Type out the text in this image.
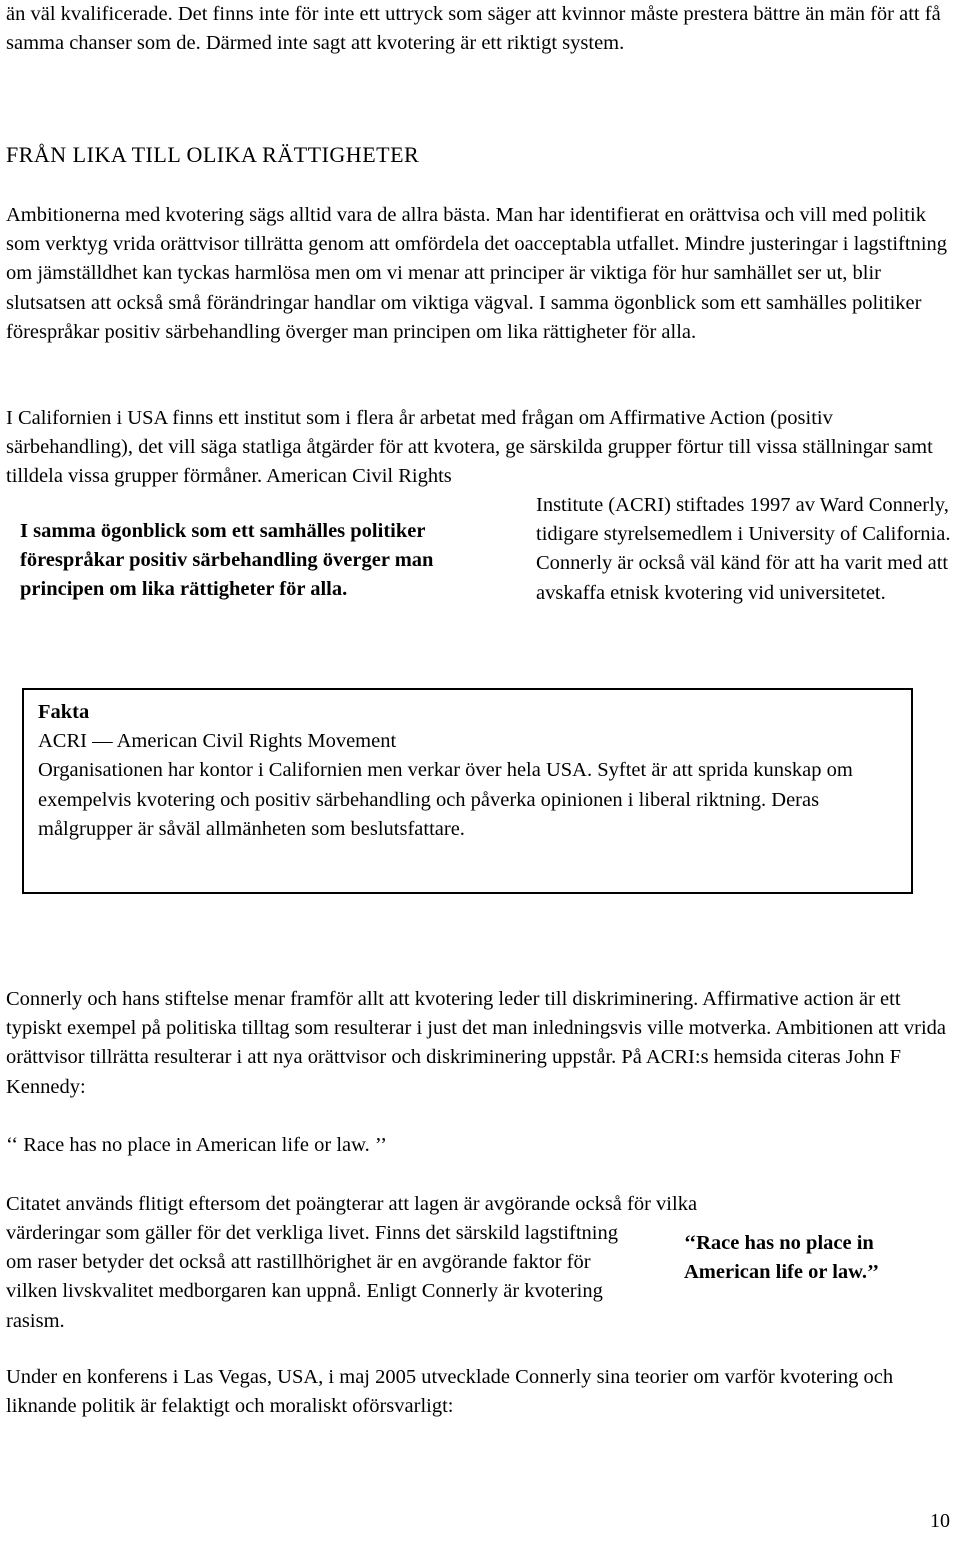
än väl kvalificerade. Det finns inte för inte ett uttryck som säger att kvinnor måste prestera bättre än män för att få samma chanser som de. Därmed inte sagt att kvotering är ett riktigt system.

FRÅN LIKA TILL OLIKA RÄTTIGHETER

Ambitionerna med kvotering sägs alltid vara de allra bästa. Man har identifierat en orättvisa och vill med politik som verktyg vrida orättvisor tillrätta genom att omfördela det oacceptabla utfallet. Mindre justeringar i lagstiftning om jämställdhet kan tyckas harmlösa men om vi menar att principer är viktiga för hur samhället ser ut, blir slutsatsen att också små förändringar handlar om viktiga vägval. I samma ögonblick som ett samhälles politiker förespråkar positiv särbehandling överger man principen om lika rättigheter för alla.

I Californien i USA finns ett institut som i flera år arbetat med frågan om Affirmative Action (positiv särbehandling), det vill säga statliga åtgärder för att kvotera, ge särskilda grupper förtur till vissa ställningar samt tilldela vissa grupper förmåner. American Civil Rights

I samma ögonblick som ett samhälles politiker förespråkar positiv särbehandling överger man principen om lika rättigheter för alla.

Institute (ACRI) stiftades 1997 av Ward Connerly, tidigare styrelsemedlem i University of California. Connerly är också väl känd för att ha varit med att avskaffa etnisk kvotering vid universitetet.

Fakta

ACRI — American Civil Rights Movement

Organisationen har kontor i Californien men verkar över hela USA. Syftet är att sprida kunskap om exempelvis kvotering och positiv särbehandling och påverka opinionen i liberal riktning. Deras målgrupper är såväl allmänheten som beslutsfattare.

Connerly och hans stiftelse menar framför allt att kvotering leder till diskriminering. Affirmative action är ett typiskt exempel på politiska tilltag som resulterar i just det man inledningsvis ville motverka. Ambitionen att vrida orättvisor tillrätta resulterar i att nya orättvisor och diskriminering uppstår. På ACRI:s hemsida citeras John F Kennedy:

‘‘ Race has no place in American life or law. ’’

Citatet används flitigt eftersom det poängterar att lagen är avgörande också för vilka

värderingar som gäller för det verkliga livet. Finns det särskild lagstiftning om raser betyder det också att rastillhörighet är en avgörande faktor för vilken livskvalitet medborgaren kan uppnå. Enligt Connerly är kvotering rasism.

‘‘Race has no place in American life or law.’’

Under en konferens i Las Vegas, USA, i maj 2005 utvecklade Connerly sina teorier om varför kvotering och liknande politik är felaktigt och moraliskt oförsvarligt:

10
